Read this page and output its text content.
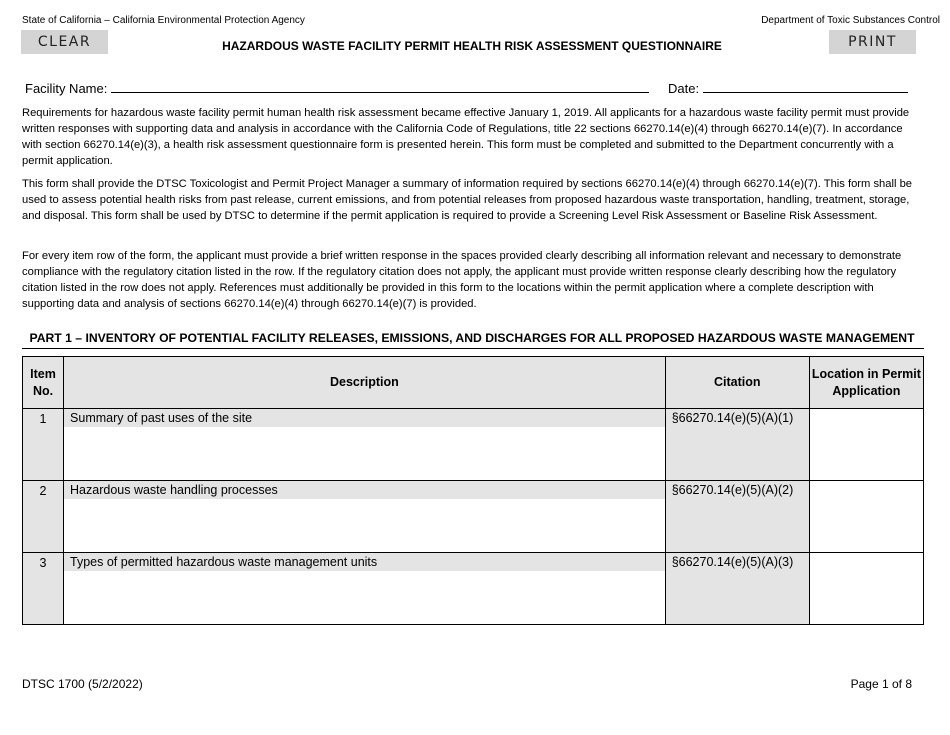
State of California – California Environmental Protection Agency	Department of Toxic Substances Control
CLEAR	PRINT
HAZARDOUS WASTE FACILITY PERMIT HEALTH RISK ASSESSMENT QUESTIONNAIRE
Facility Name:	Date:
Requirements for hazardous waste facility permit human health risk assessment became effective January 1, 2019. All applicants for a hazardous waste facility permit must provide written responses with supporting data and analysis in accordance with the California Code of Regulations, title 22 sections 66270.14(e)(4) through 66270.14(e)(7). In accordance with section 66270.14(e)(3), a health risk assessment questionnaire form is presented herein. This form must be completed and submitted to the Department concurrently with a permit application.
This form shall provide the DTSC Toxicologist and Permit Project Manager a summary of information required by sections 66270.14(e)(4) through 66270.14(e)(7). This form shall be used to assess potential health risks from past release, current emissions, and from potential releases from proposed hazardous waste transportation, handling, treatment, storage, and disposal. This form shall be used by DTSC to determine if the permit application is required to provide a Screening Level Risk Assessment or Baseline Risk Assessment.
For every item row of the form, the applicant must provide a brief written response in the spaces provided clearly describing all information relevant and necessary to demonstrate compliance with the regulatory citation listed in the row. If the regulatory citation does not apply, the applicant must provide written response clearly describing how the regulatory citation listed in the row does not apply. References must additionally be provided in this form to the locations within the permit application where a complete description with supporting data and analysis of sections 66270.14(e)(4) through 66270.14(e)(7) is provided.
PART 1 – INVENTORY OF POTENTIAL FACILITY RELEASES, EMISSIONS, AND DISCHARGES FOR ALL PROPOSED HAZARDOUS WASTE MANAGEMENT
Item No.	Description	Citation	Location in Permit Application
1	Summary of past uses of the site	§66270.14(e)(5)(A)(1)	
2	Hazardous waste handling processes	§66270.14(e)(5)(A)(2)	
3	Types of permitted hazardous waste management units	§66270.14(e)(5)(A)(3)	
DTSC 1700 (5/2/2022)	Page 1 of 8
